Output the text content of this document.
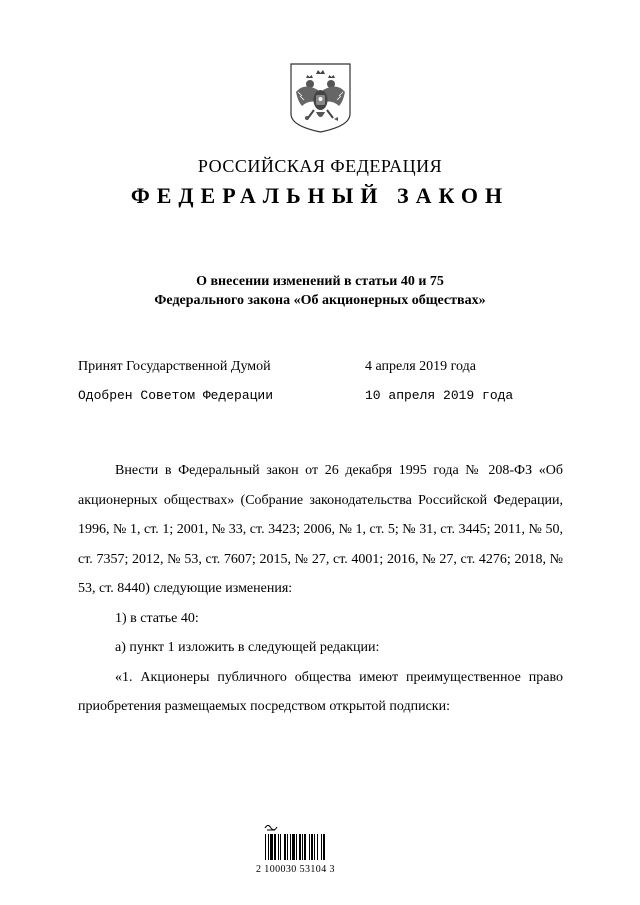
РОССИЙСКАЯ ФЕДЕРАЦИЯ
ФЕДЕРАЛЬНЫЙ ЗАКОН
О внесении изменений в статьи 40 и 75
Федерального закона «Об акционерных обществах»
Принят Государственной Думой	4 апреля 2019 года
Одобрен Советом Федерации	10 апреля 2019 года

Внести в Федеральный закон от 26 декабря 1995 года № 208-ФЗ «Об акционерных обществах» (Собрание законодательства Российской Федерации, 1996, № 1, ст. 1; 2001, № 33, ст. 3423; 2006, № 1, ст. 5; № 31, ст. 3445; 2011, № 50, ст. 7357; 2012, № 53, ст. 7607; 2015, № 27, ст. 4001; 2016, № 27, ст. 4276; 2018, № 53, ст. 8440) следующие изменения:

1) в статье 40:

а) пункт 1 изложить в следующей редакции:

«1. Акционеры публичного общества имеют преимущественное право приобретения размещаемых посредством открытой подписки:

2 100030 53104 3
